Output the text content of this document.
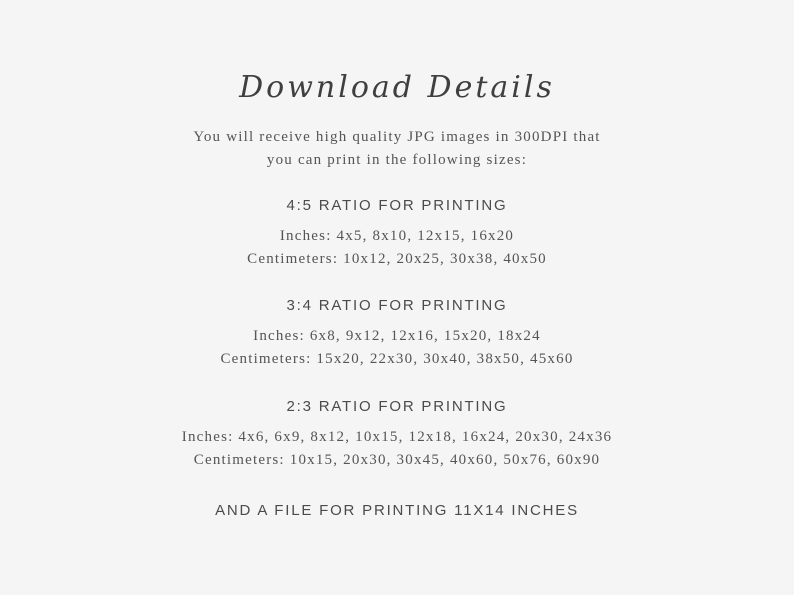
Download Details

You will receive high quality JPG images in 300DPI that
you can print in the following sizes:

4:5 RATIO FOR PRINTING

Inches: 4x5, 8x10, 12x15, 16x20

Centimeters: 10x12, 20x25, 30x38, 40x50

3:4 RATIO FOR PRINTING

Inches: 6x8, 9x12, 12x16, 15x20, 18x24

Centimeters: 15x20, 22x30, 30x40, 38x50, 45x60

2:3 RATIO FOR PRINTING

Inches: 4x6, 6x9, 8x12, 10x15, 12x18, 16x24, 20x30, 24x36

Centimeters: 10x15, 20x30, 30x45, 40x60, 50x76, 60x90

AND A FILE FOR PRINTING 11X14 INCHES
